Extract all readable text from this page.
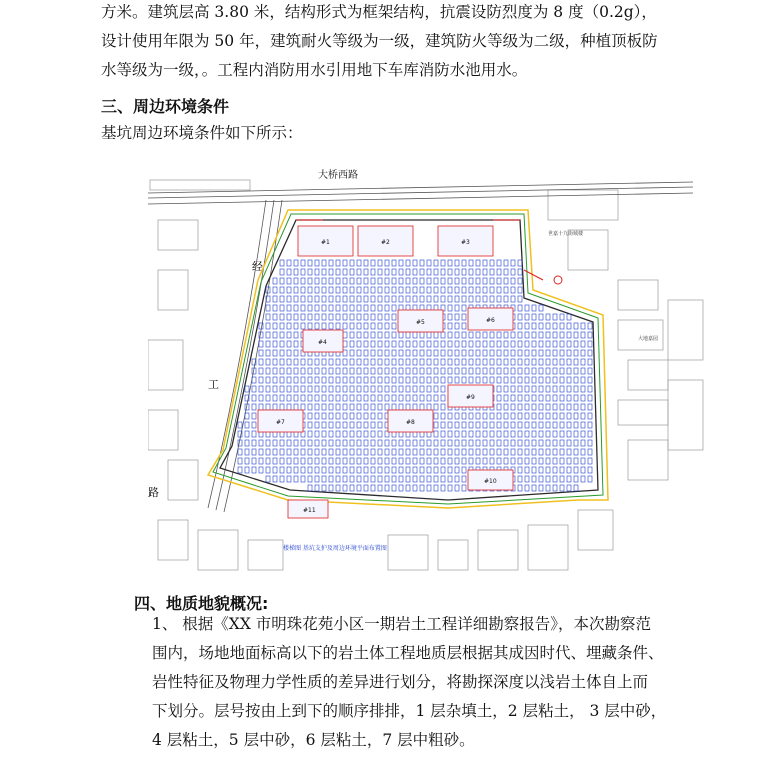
方米。建筑层高 3.80 米，结构形式为框架结构，抗震设防烈度为 8 度（0.2g），
设计使用年限为 50 年，建筑耐火等级为一级，建筑防火等级为二级，种植顶板防
水等级为一级，。工程内消防用水引用地下车库消防水池用水。
三、周边环境条件
基坑周边环境条件如下所示：
大桥西路
经
工
路
#1	#2	#3
#4
#5	#6
#7	#8
#9
#10
#11
世嘉十九街城楼
大地嘉园
楼梯图 基坑支护及周边环境平面布置图
四、地质地貌概况:
1、 根据《XX 市明珠花苑小区一期岩土工程详细勘察报告》，本次勘察范
围内，场地地面标高以下的岩土体工程地质层根据其成因时代、埋藏条件、
岩性特征及物理力学性质的差异进行划分，将勘探深度以浅岩土体自上而
下划分。层号按由上到下的顺序排排，1 层杂填土，2 层粘土， 3 层中砂，
4 层粘土，5 层中砂，6 层粘土，7 层中粗砂。
